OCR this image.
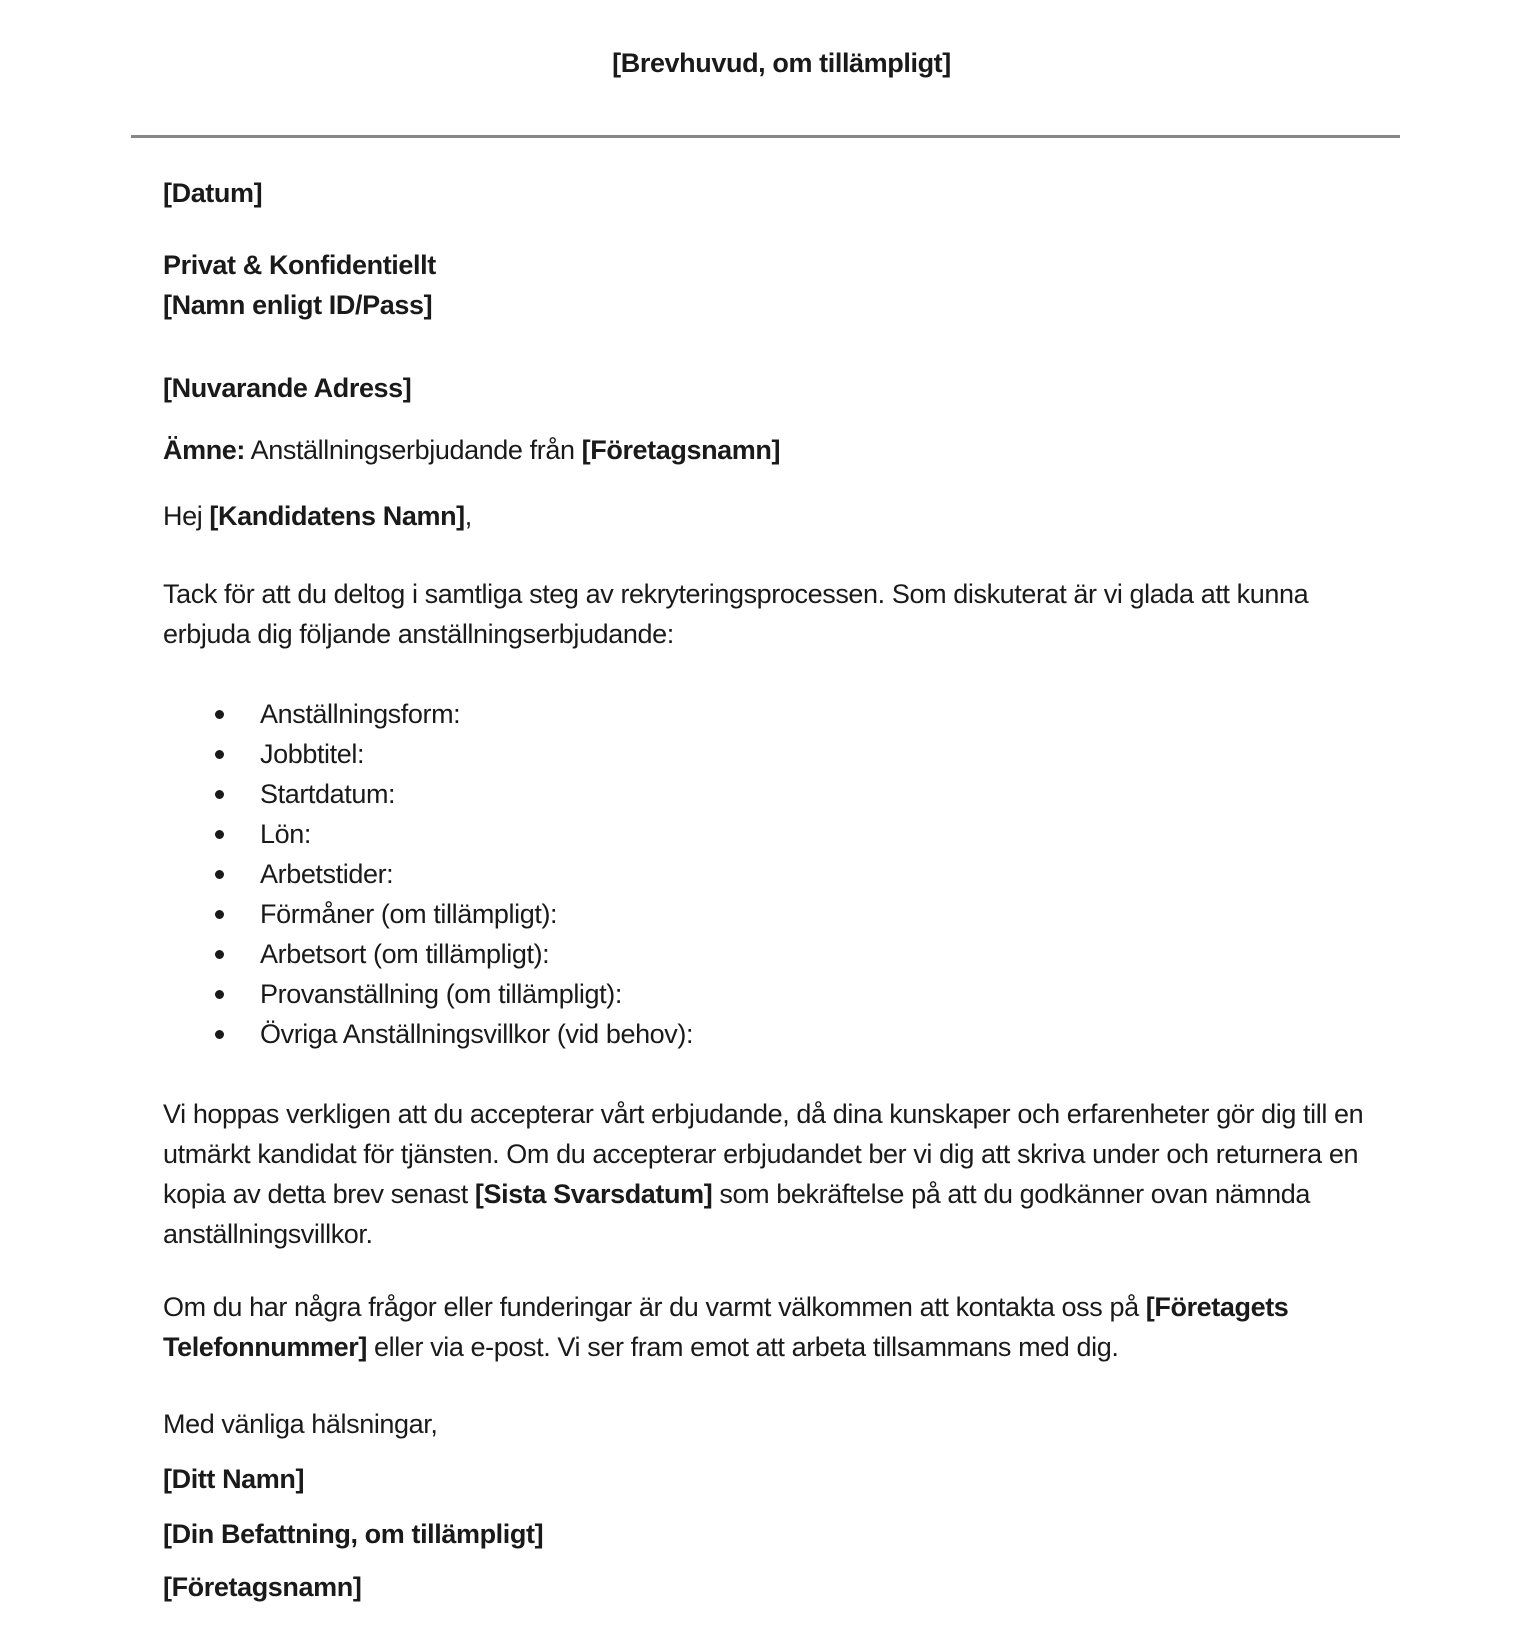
[Brevhuvud, om tillämpligt]

[Datum]

Privat & Konfidentiellt
[Namn enligt ID/Pass]

[Nuvarande Adress]

Ämne: Anställningserbjudande från [Företagsnamn]

Hej [Kandidatens Namn],

Tack för att du deltog i samtliga steg av rekryteringsprocessen. Som diskuterat är vi glada att kunna erbjuda dig följande anställningserbjudande:

Anställningsform:
Jobbtitel:
Startdatum:
Lön:
Arbetstider:
Förmåner (om tillämpligt):
Arbetsort (om tillämpligt):
Provanställning (om tillämpligt):
Övriga Anställningsvillkor (vid behov):

Vi hoppas verkligen att du accepterar vårt erbjudande, då dina kunskaper och erfarenheter gör dig till en utmärkt kandidat för tjänsten. Om du accepterar erbjudandet ber vi dig att skriva under och returnera en kopia av detta brev senast [Sista Svarsdatum] som bekräftelse på att du godkänner ovan nämnda anställningsvillkor.

Om du har några frågor eller funderingar är du varmt välkommen att kontakta oss på [Företagets Telefonnummer] eller via e-post. Vi ser fram emot att arbeta tillsammans med dig.

Med vänliga hälsningar,

[Ditt Namn]

[Din Befattning, om tillämpligt]

[Företagsnamn]
